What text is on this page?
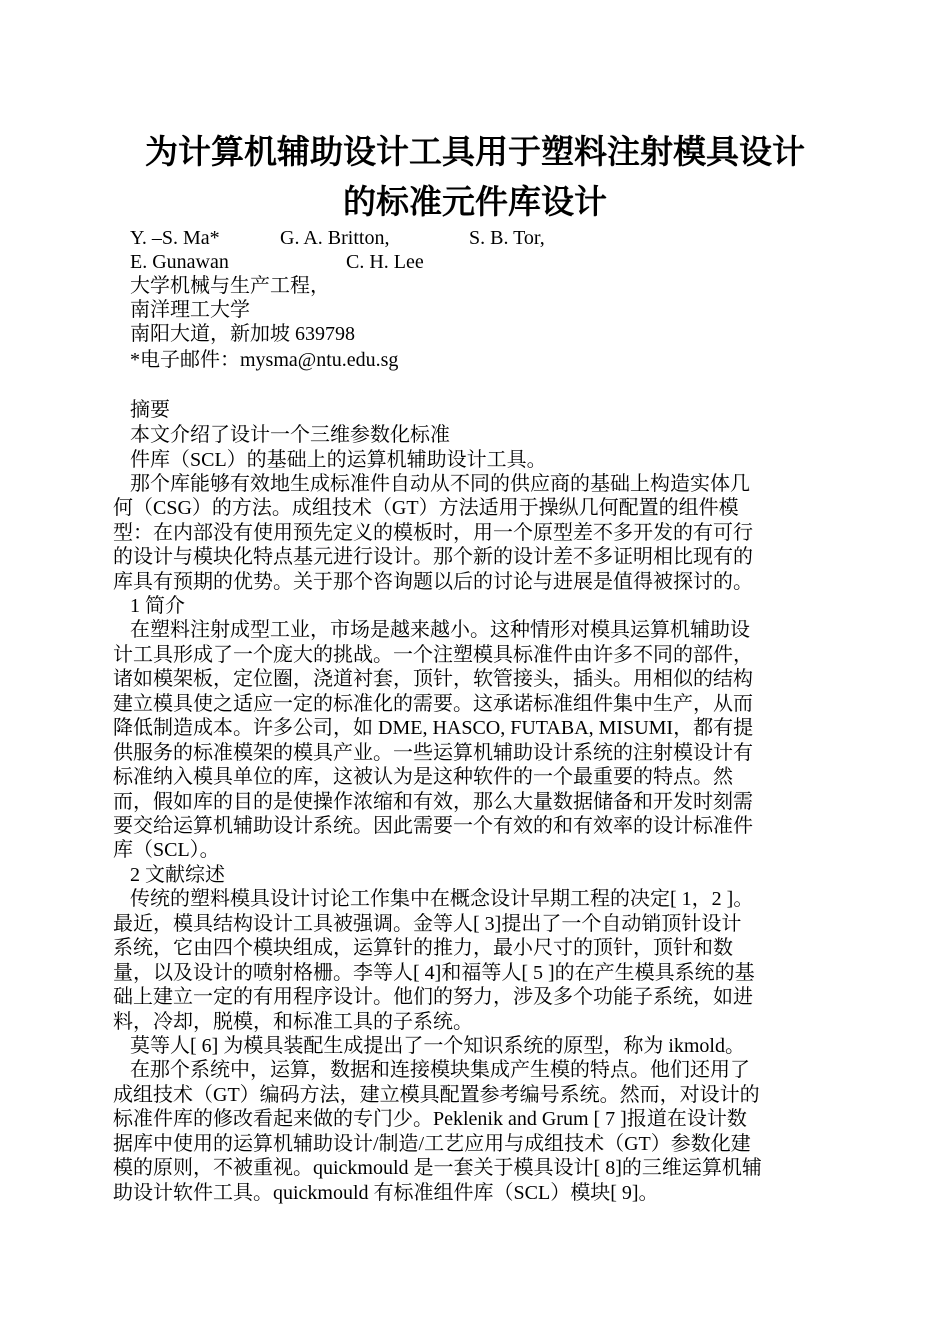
为计算机辅助设计工具用于塑料注射模具设计
的标准元件库设计

Y. –S. Ma*	G. A. Britton,	S. B. Tor,

E. Gunawan	C. H. Lee

大学机械与生产工程，

南洋理工大学

南阳大道，新加坡 639798

*电子邮件：mysma@ntu.edu.sg

摘要

本文介绍了设计一个三维参数化标准

件库（SCL）的基础上的运算机辅助设计工具。

那个库能够有效地生成标准件自动从不同的供应商的基础上构造实体几

何（CSG）的方法。成组技术（GT）方法适用于操纵几何配置的组件模

型：在内部没有使用预先定义的模板时，用一个原型差不多开发的有可行

的设计与模块化特点基元进行设计。那个新的设计差不多证明相比现有的

库具有预期的优势。关于那个咨询题以后的讨论与进展是值得被探讨的。

1 简介

在塑料注射成型工业，市场是越来越小。这种情形对模具运算机辅助设

计工具形成了一个庞大的挑战。一个注塑模具标准件由许多不同的部件，

诸如模架板，定位圈，浇道衬套，顶针，软管接头，插头。用相似的结构

建立模具使之适应一定的标准化的需要。这承诺标准组件集中生产，从而

降低制造成本。许多公司，如 DME, HASCO, FUTABA, MISUMI，都有提

供服务的标准模架的模具产业。一些运算机辅助设计系统的注射模设计有

标准纳入模具单位的库，这被认为是这种软件的一个最重要的特点。然

而，假如库的目的是使操作浓缩和有效，那么大量数据储备和开发时刻需

要交给运算机辅助设计系统。因此需要一个有效的和有效率的设计标准件

库（SCL）。

2 文献综述

传统的塑料模具设计讨论工作集中在概念设计早期工程的决定[ 1，2 ]。

最近，模具结构设计工具被强调。金等人[ 3]提出了一个自动销顶针设计

系统，它由四个模块组成，运算针的推力，最小尺寸的顶针，顶针和数

量，以及设计的喷射格栅。李等人[ 4]和福等人[ 5 ]的在产生模具系统的基

础上建立一定的有用程序设计。他们的努力，涉及多个功能子系统，如进

料，冷却，脱模，和标准工具的子系统。

莫等人[ 6] 为模具装配生成提出了一个知识系统的原型，称为 ikmold。

在那个系统中，运算，数据和连接模块集成产生模的特点。他们还用了

成组技术（GT）编码方法，建立模具配置参考编号系统。然而，对设计的

标准件库的修改看起来做的专门少。Peklenik and Grum [ 7 ]报道在设计数

据库中使用的运算机辅助设计/制造/工艺应用与成组技术（GT）参数化建

模的原则，不被重视。quickmould 是一套关于模具设计[ 8]的三维运算机辅

助设计软件工具。quickmould 有标准组件库（SCL）模块[ 9]。
